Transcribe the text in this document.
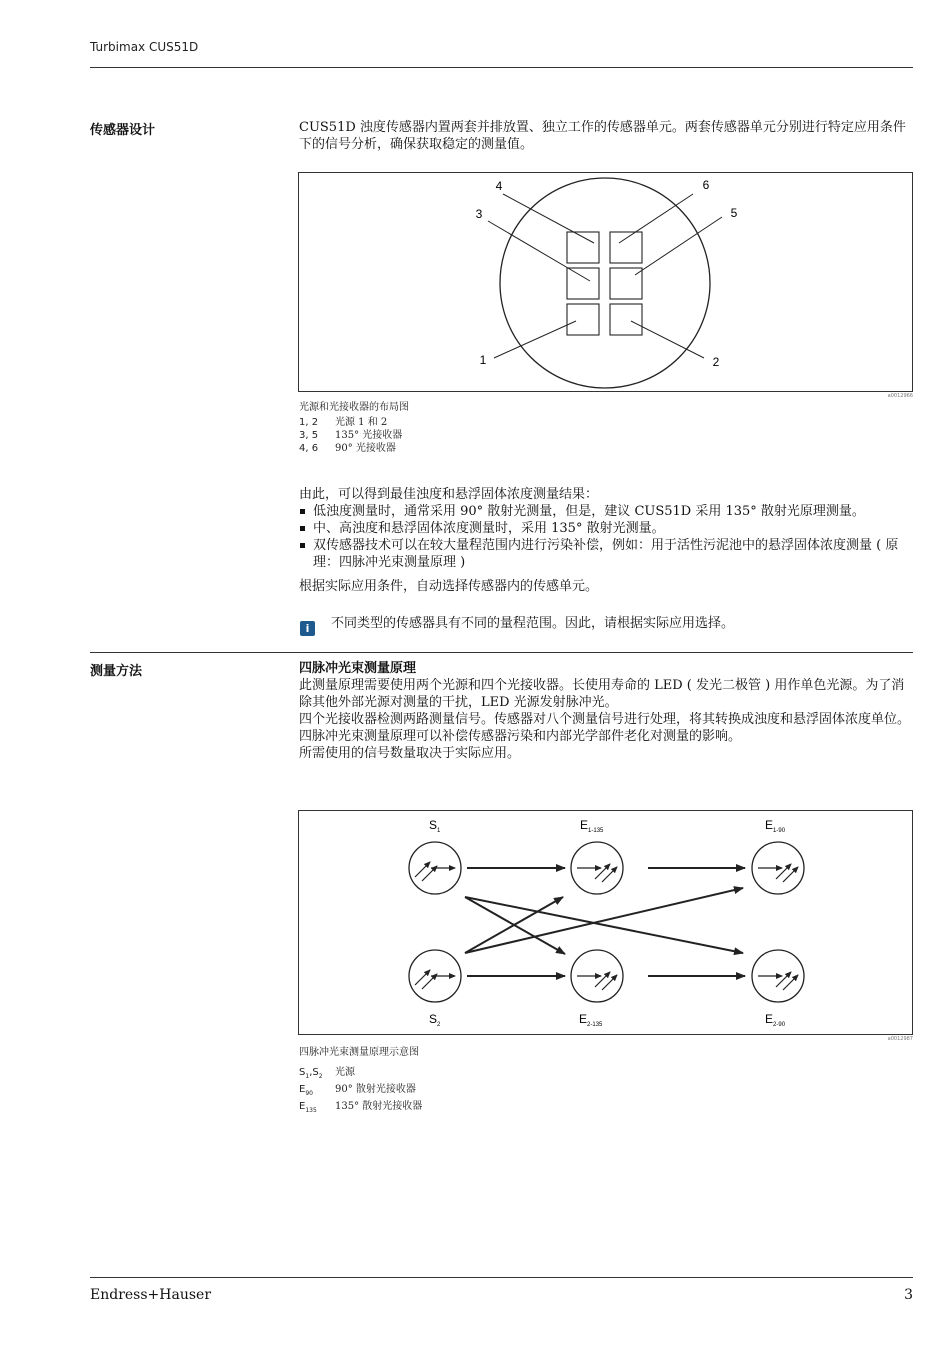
Turbimax CUS51D
传感器设计	CUS51D 浊度传感器内置两套并排放置、独立工作的传感器单元。两套传感器单元分别进行特定应用条件下的信号分析，确保获取稳定的测量值。
4
3
6
5
1	2
a0012966
光源和光接收器的布局图
1, 2	光源 1 和 2
3, 5	135° 光接收器
4, 6	90° 光接收器

由此，可以得到最佳浊度和悬浮固体浓度测量结果：

低浊度测量时，通常采用 90° 散射光测量，但是，建议 CUS51D 采用 135° 散射光原理测量。
中、高浊度和悬浮固体浓度测量时，采用 135° 散射光测量。
双传感器技术可以在较大量程范围内进行污染补偿，例如：用于活性污泥池中的悬浮固体浓度测量 ( 原理：四脉冲光束测量原理 )

根据实际应用条件，自动选择传感器内的传感单元。

i	不同类型的传感器具有不同的量程范围。因此，请根据实际应用选择。
测量方法	四脉冲光束测量原理

此测量原理需要使用两个光源和四个光接收器。长使用寿命的 LED ( 发光二极管 ) 用作单色光源。为了消除其他外部光源对测量的干扰，LED 光源发射脉冲光。

四个光接收器检测两路测量信号。传感器对八个测量信号进行处理，将其转换成浊度和悬浮固体浓度单位。

四脉冲光束测量原理可以补偿传感器污染和内部光学部件老化对测量的影响。

所需使用的信号数量取决于实际应用。

$S_1$
$S_2$
$E_{1-135}$
$E_{2-135}$
$E_{1-90}$
$E_{2-90}$
a0012987
四脉冲光束测量原理示意图
$S_1,S_2$	光源
$E_{90}$	90° 散射光接收器
$E_{135}$	135° 散射光接收器
Endress+Hauser	3
